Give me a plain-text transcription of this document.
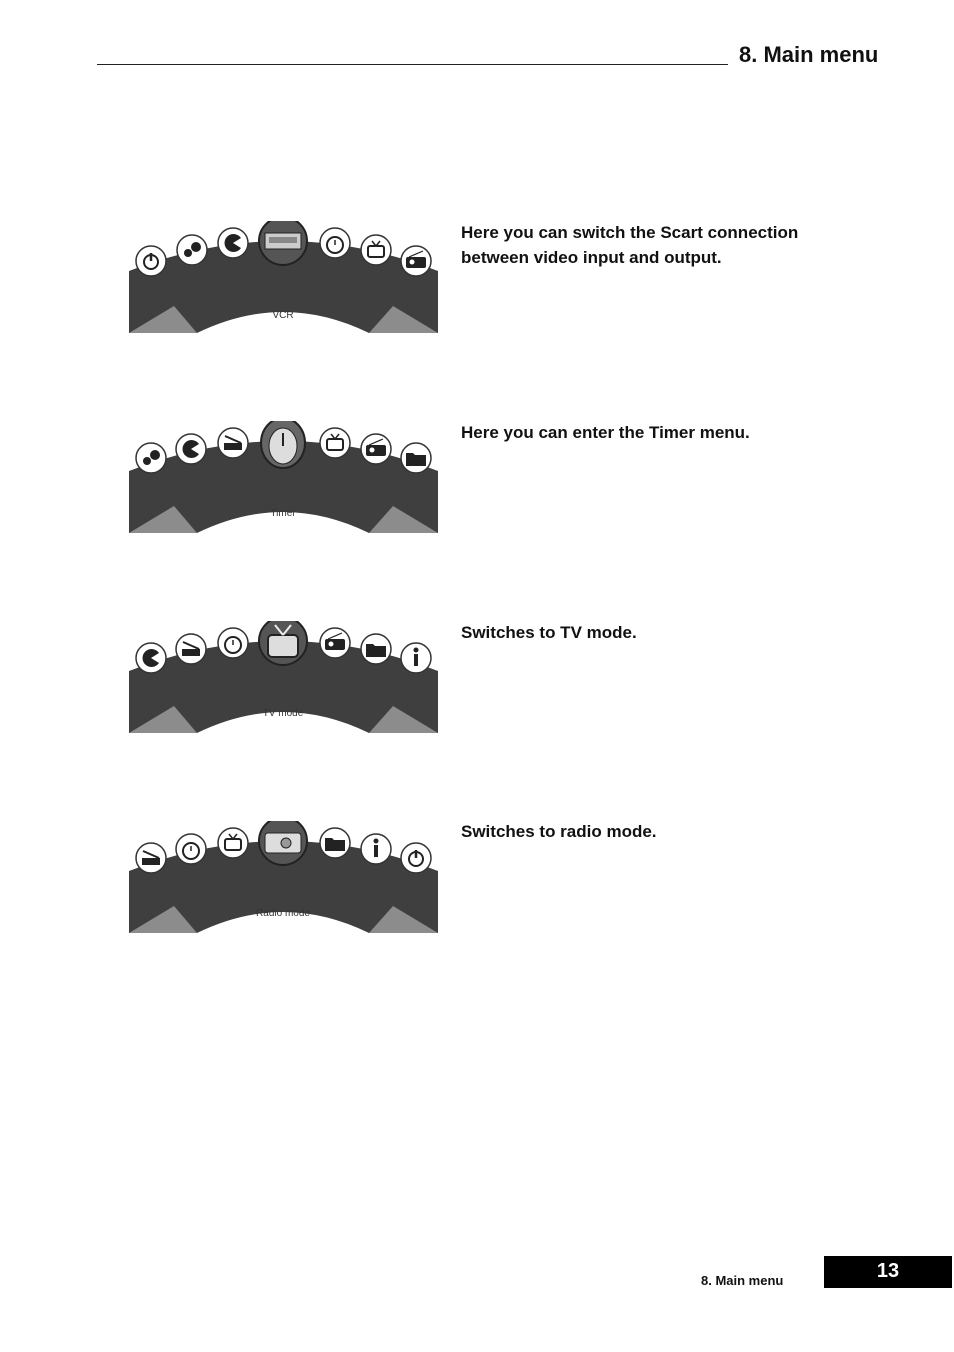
8. Main menu
VCR
Here you can switch the Scart connection between video input and output.
Timer
Here you can enter the Timer menu.
TV mode
Switches to TV mode.
Radio mode
Switches to radio mode.
8. Main menu	13
